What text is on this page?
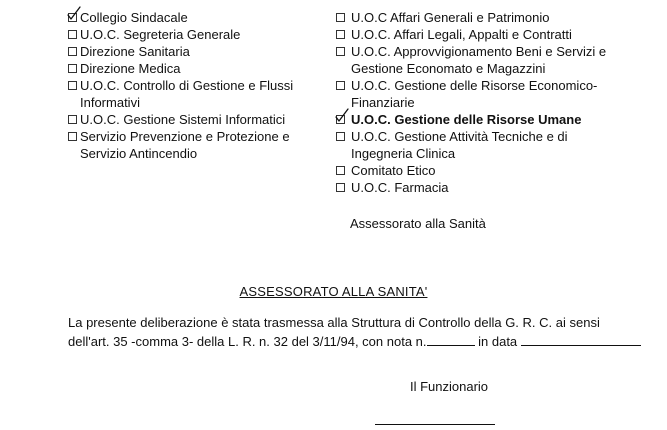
Collegio Sindacale
U.O.C. Segreteria Generale
Direzione Sanitaria
Direzione Medica
U.O.C. Controllo di Gestione e Flussi Informativi
U.O.C. Gestione Sistemi Informatici
Servizio Prevenzione e Protezione e Servizio Antincendio
U.O.C Affari Generali e Patrimonio
U.O.C. Affari Legali, Appalti e Contratti
U.O.C. Approvvigionamento Beni e Servizi e Gestione Economato e Magazzini
U.O.C. Gestione delle Risorse Economico-Finanziarie
U.O.C. Gestione delle Risorse Umane
U.O.C. Gestione Attività Tecniche e di Ingegneria Clinica
Comitato Etico
U.O.C. Farmacia
Assessorato alla Sanità
ASSESSORATO ALLA SANITA'
La presente deliberazione è stata trasmessa alla Struttura di Controllo della G. R. C. ai sensi dell'art. 35 -comma 3- della L. R. n. 32 del 3/11/94, con nota n.	in data
Il Funzionario
